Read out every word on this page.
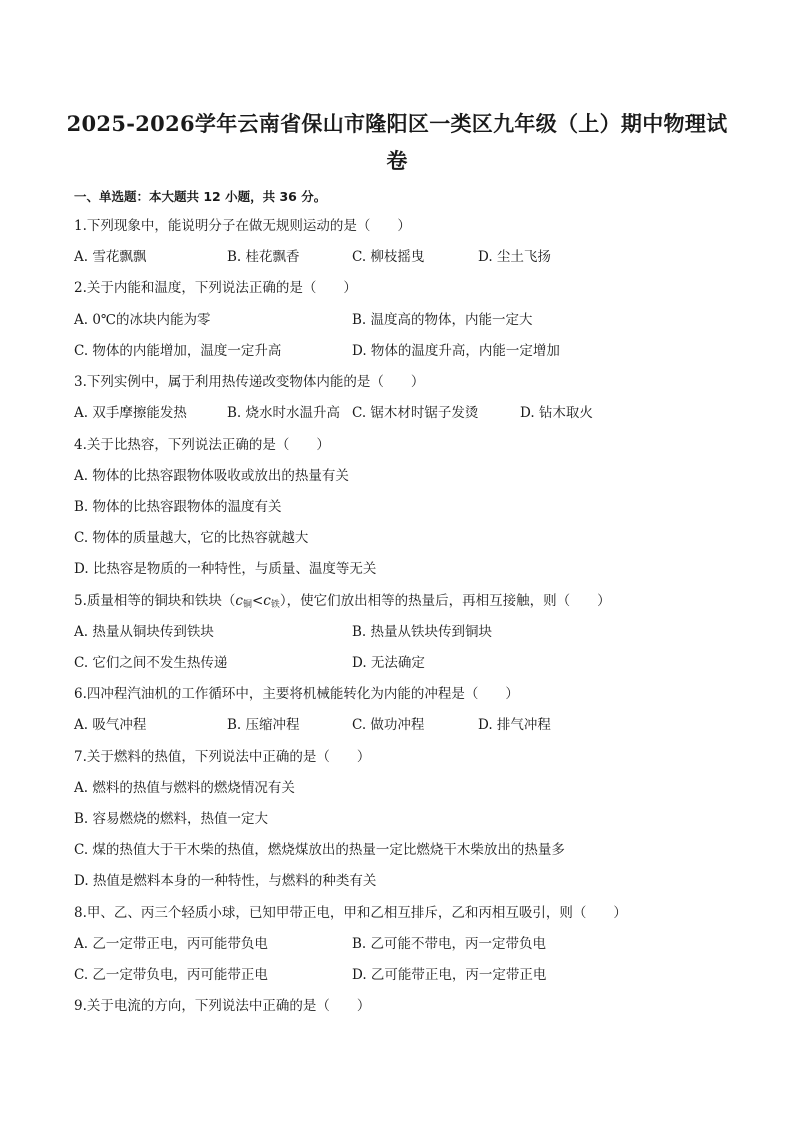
2025-2026学年云南省保山市隆阳区一类区九年级（上）期中物理试
卷
一、单选题：本大题共 12 小题，共 36 分。
1.下列现象中，能说明分子在做无规则运动的是（　　）
A. 雪花飘飘	B. 桂花飘香	C. 柳枝摇曳	D. 尘土飞扬
2.关于内能和温度，下列说法正确的是（　　）
A. 0℃的冰块内能为零	B. 温度高的物体，内能一定大
C. 物体的内能增加，温度一定升高	D. 物体的温度升高，内能一定增加
3.下列实例中，属于利用热传递改变物体内能的是（　　）
A. 双手摩擦能发热	B. 烧水时水温升高 C. 锯木材时锯子发烫	D. 钻木取火
4.关于比热容，下列说法正确的是（　　）
A. 物体的比热容跟物体吸收或放出的热量有关
B. 物体的比热容跟物体的温度有关
C. 物体的质量越大，它的比热容就越大
D. 比热容是物质的一种特性，与质量、温度等无关
5.质量相等的铜块和铁块$(c_铜<c_铁)$，使它们放出相等的热量后，再相互接触，则（　　）
A. 热量从铜块传到铁块	B. 热量从铁块传到铜块
C. 它们之间不发生热传递	D. 无法确定
6.四冲程汽油机的工作循环中，主要将机械能转化为内能的冲程是（　　）
A. 吸气冲程	B. 压缩冲程	C. 做功冲程	D. 排气冲程
7.关于燃料的热值，下列说法中正确的是（　　）
A. 燃料的热值与燃料的燃烧情况有关
B. 容易燃烧的燃料，热值一定大
C. 煤的热值大于干木柴的热值，燃烧煤放出的热量一定比燃烧干木柴放出的热量多
D. 热值是燃料本身的一种特性，与燃料的种类有关
8.甲、乙、丙三个轻质小球，已知甲带正电，甲和乙相互排斥，乙和丙相互吸引，则（　　）
A. 乙一定带正电，丙可能带负电	B. 乙可能不带电，丙一定带负电
C. 乙一定带负电，丙可能带正电	D. 乙可能带正电，丙一定带正电
9.关于电流的方向，下列说法中正确的是（　　）
